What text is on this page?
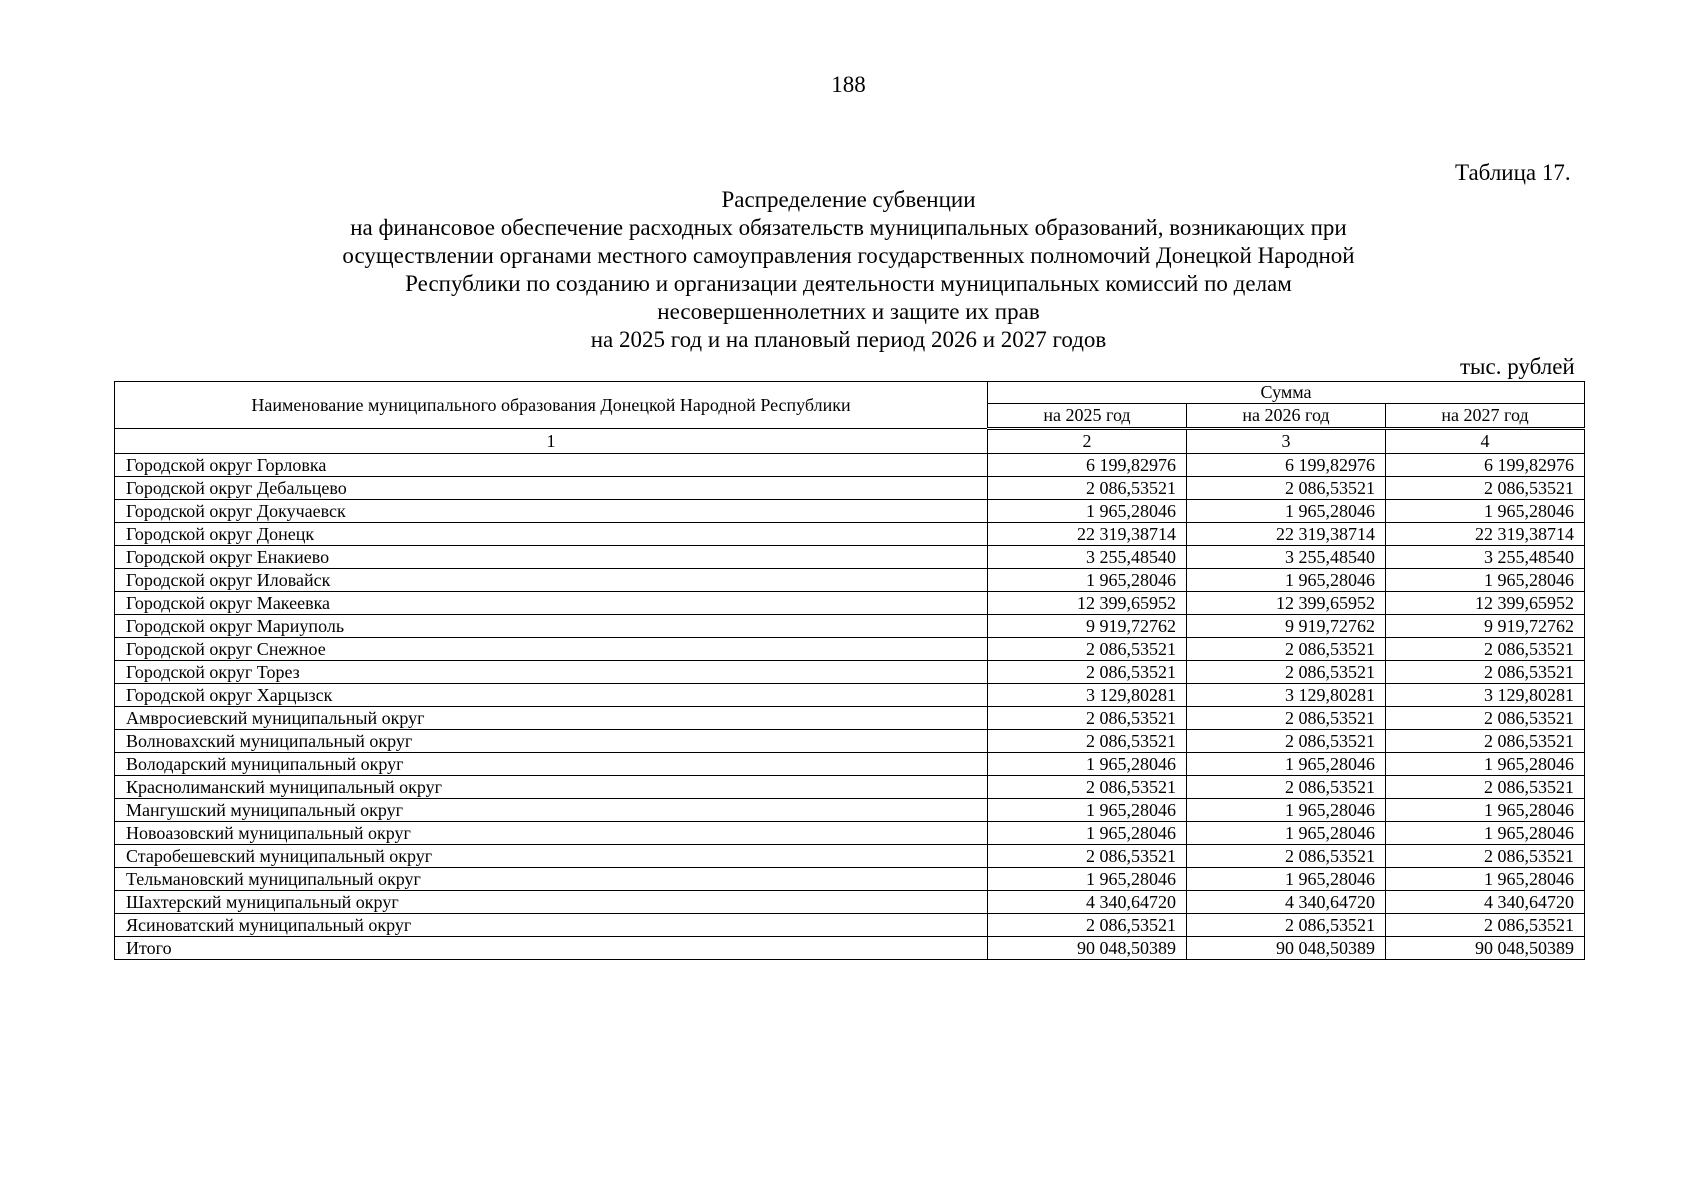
188
Таблица 17.
Распределение субвенции
на финансовое обеспечение расходных обязательств муниципальных образований, возникающих при
осуществлении органами местного самоуправления государственных полномочий Донецкой Народной
Республики по созданию и организации деятельности муниципальных комиссий по делам
несовершеннолетних и защите их прав
на 2025 год и на плановый период 2026 и 2027 годов
тыс. рублей
Наименование муниципального образования Донецкой Народной Республики	Сумма		
	на 2025 год	на 2026 год	на 2027 год
1	2	3	4
Городской округ Горловка	6 199,82976	6 199,82976	6 199,82976
Городской округ Дебальцево	2 086,53521	2 086,53521	2 086,53521
Городской округ Докучаевск	1 965,28046	1 965,28046	1 965,28046
Городской округ Донецк	22 319,38714	22 319,38714	22 319,38714
Городской округ Енакиево	3 255,48540	3 255,48540	3 255,48540
Городской округ Иловайск	1 965,28046	1 965,28046	1 965,28046
Городской округ Макеевка	12 399,65952	12 399,65952	12 399,65952
Городской округ Мариуполь	9 919,72762	9 919,72762	9 919,72762
Городской округ Снежное	2 086,53521	2 086,53521	2 086,53521
Городской округ Торез	2 086,53521	2 086,53521	2 086,53521
Городской округ Харцызск	3 129,80281	3 129,80281	3 129,80281
Амвросиевский муниципальный округ	2 086,53521	2 086,53521	2 086,53521
Волновахский муниципальный округ	2 086,53521	2 086,53521	2 086,53521
Володарский муниципальный округ	1 965,28046	1 965,28046	1 965,28046
Краснолиманский муниципальный округ	2 086,53521	2 086,53521	2 086,53521
Мангушский муниципальный округ	1 965,28046	1 965,28046	1 965,28046
Новоазовский муниципальный округ	1 965,28046	1 965,28046	1 965,28046
Старобешевский муниципальный округ	2 086,53521	2 086,53521	2 086,53521
Тельмановский муниципальный округ	1 965,28046	1 965,28046	1 965,28046
Шахтерский муниципальный округ	4 340,64720	4 340,64720	4 340,64720
Ясиноватский муниципальный округ	2 086,53521	2 086,53521	2 086,53521
Итого	90 048,50389	90 048,50389	90 048,50389
